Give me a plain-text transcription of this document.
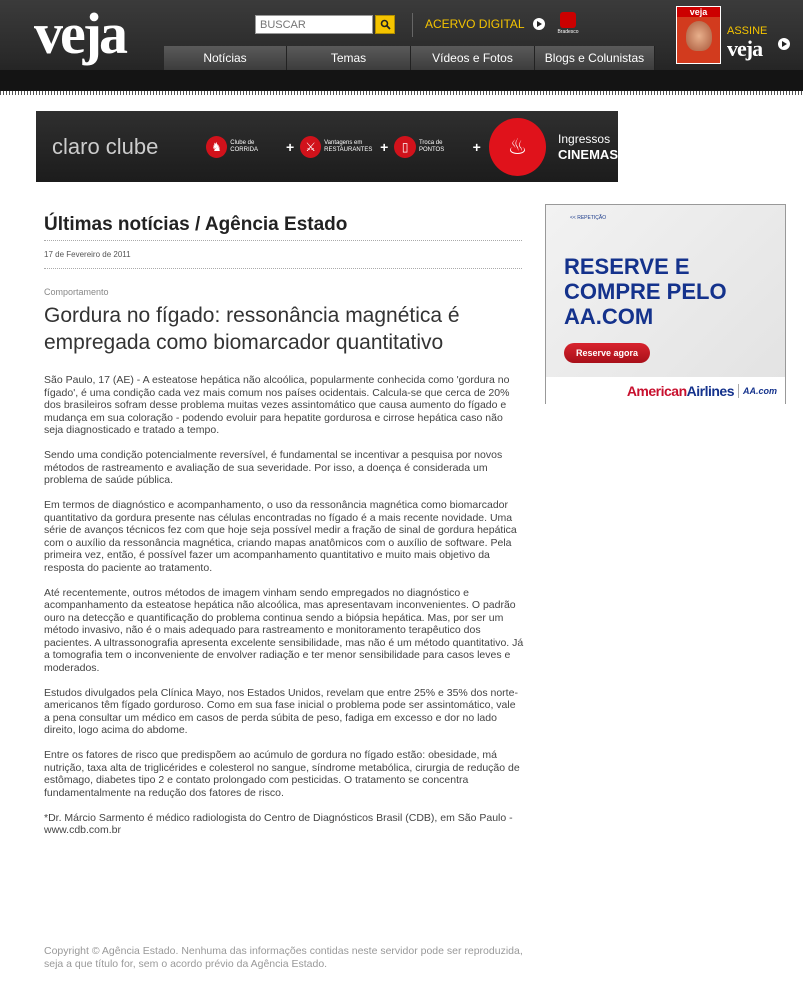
veja
BUSCAR	ACERVO DIGITAL
Bradesco
Notícias	Temas	Vídeos e Fotos	Blogs e Colunistas
veja
ASSINE
veja
claro clube	♞	Clube de CORRIDA	+ ⚔	Vantagens em RESTAURANTES +	▯	Troca de PONTOS	+	♨	Ingressos
CINEMAS
Últimas notícias / Agência Estado
17 de Fevereiro de 2011
Comportamento
Gordura no fígado: ressonância magnética é empregada como biomarcador quantitativo

São Paulo, 17 (AE) - A esteatose hepática não alcoólica, popularmente conhecida como 'gordura no fígado', é uma condição cada vez mais comum nos países ocidentais. Calcula-se que cerca de 20% dos brasileiros sofram desse problema muitas vezes assintomático que causa aumento do fígado e mudança em sua coloração - podendo evoluir para hepatite gordurosa e cirrose hepática caso não seja diagnosticado e tratado a tempo.

Sendo uma condição potencialmente reversível, é fundamental se incentivar a pesquisa por novos métodos de rastreamento e avaliação de sua severidade. Por isso, a doença é considerada um problema de saúde pública.

Em termos de diagnóstico e acompanhamento, o uso da ressonância magnética como biomarcador quantitativo da gordura presente nas células encontradas no fígado é a mais recente novidade. Uma série de avanços técnicos fez com que hoje seja possível medir a fração de sinal de gordura hepática com o auxílio da ressonância magnética, criando mapas anatômicos com o auxílio de software. Pela primeira vez, então, é possível fazer um acompanhamento quantitativo e muito mais objetivo da resposta do paciente ao tratamento.

Até recentemente, outros métodos de imagem vinham sendo empregados no diagnóstico e acompanhamento da esteatose hepática não alcoólica, mas apresentavam inconvenientes. O padrão ouro na detecção e quantificação do problema continua sendo a biópsia hepática. Mas, por ser um método invasivo, não é o mais adequado para rastreamento e monitoramento terapêutico dos pacientes. A ultrassonografia apresenta excelente sensibilidade, mas não é um método quantitativo. Já a tomografia tem o inconveniente de envolver radiação e ter menor sensibilidade para casos leves e moderados.

Estudos divulgados pela Clínica Mayo, nos Estados Unidos, revelam que entre 25% e 35% dos norte-americanos têm fígado gorduroso. Como em sua fase inicial o problema pode ser assintomático, vale a pena consultar um médico em casos de perda súbita de peso, fadiga em excesso e dor no lado direito, logo acima do abdome.

Entre os fatores de risco que predispõem ao acúmulo de gordura no fígado estão: obesidade, má nutrição, taxa alta de triglicérides e colesterol no sangue, síndrome metabólica, cirurgia de redução de estômago, diabetes tipo 2 e contato prolongado com pesticidas. O tratamento se concentra fundamentalmente na redução dos fatores de risco.

*Dr. Márcio Sarmento é médico radiologista do Centro de Diagnósticos Brasil (CDB), em São Paulo - www.cdb.com.br

Copyright © Agência Estado. Nenhuma das informações contidas neste servidor pode ser reproduzida, seja a que título for, sem o acordo prévio da Agência Estado.
<< REPETIÇÃO
RESERVE E COMPRE PELO AA.COM
Reserve agora
American Airlines AA.com
